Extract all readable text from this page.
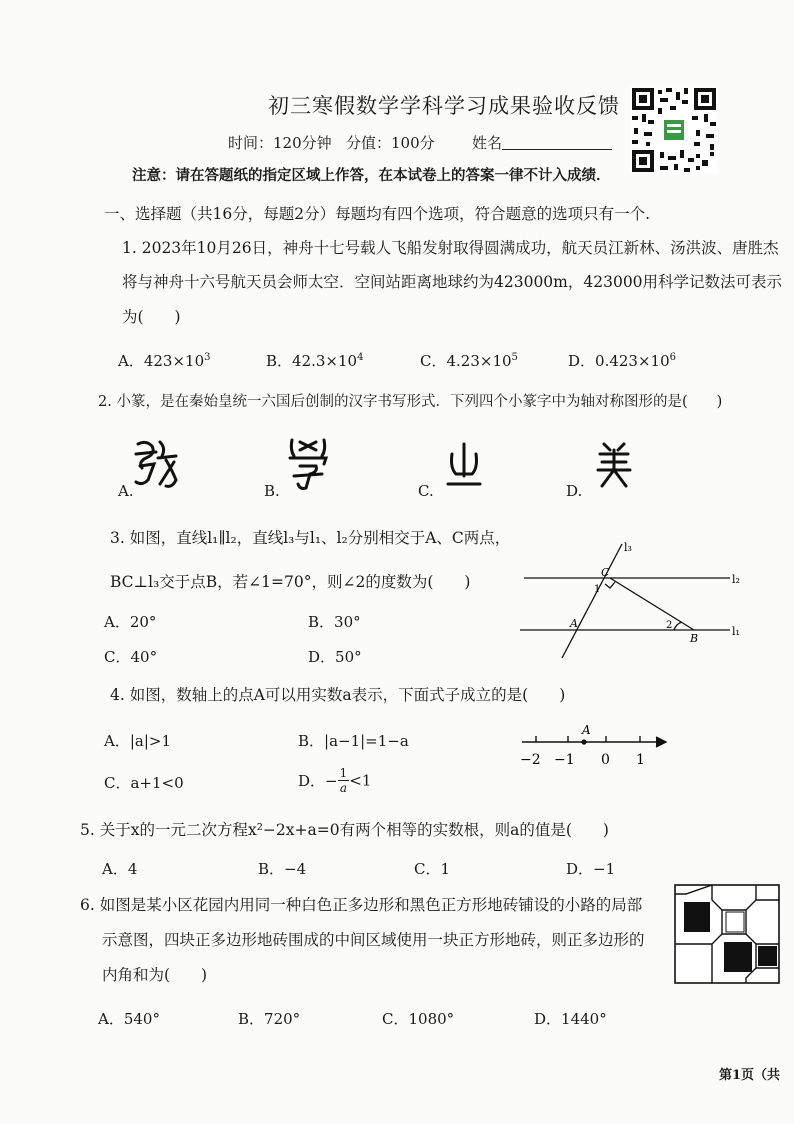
初三寒假数学学科学习成果验收反馈
时间：120分钟 分值：100分 姓名
注意：请在答题纸的指定区域上作答，在本试卷上的答案一律不计入成绩．
一、选择题（共16分，每题2分）每题均有四个选项，符合题意的选项只有一个.
1. 2023年10月26日，神舟十七号载人飞船发射取得圆满成功，航天员江新林、汤洪波、唐胜杰
将与神舟十六号航天员会师太空．空间站距离地球约为423000m，423000用科学记数法可表示
为(　　)
A．$423\times 10^3$	B．$42.3\times 10^4$	C．$4.23\times 10^5$	D．$0.423\times 10^6$
2. 小篆，是在秦始皇统一六国后创制的汉字书写形式．下列四个小篆字中为轴对称图形的是(　　)
A.	B.	C.	D.
3. 如图，直线l₁∥l₂，直线l₃与l₁、l₂分别相交于A、C两点，
BC⊥l₃交于点B，若∠1=70°，则∠2的度数为(　　)
A．20°	B．30°
C．40°	D．50°
l₃
l₂
l₁
C
A
B
1
2
4. 如图，数轴上的点A可以用实数a表示，下面式子成立的是(　　)
A．|a|>1	B．|a−1|=1−a
C．a+1<0	D．− $\frac{1}{a} <1$
A
−2 −1 0 1
5. 关于x的一元二次方程x²−2x+a=0有两个相等的实数根，则a的值是(　　)
A．4	B．−4	C．1	D．−1
6. 如图是某小区花园内用同一种白色正多边形和黑色正方形地砖铺设的小路的局部
示意图，四块正多边形地砖围成的中间区域使用一块正方形地砖，则正多边形的
内角和为(　　)
A．540°	B．720°	C．1080°	D．1440°
第1页（共
